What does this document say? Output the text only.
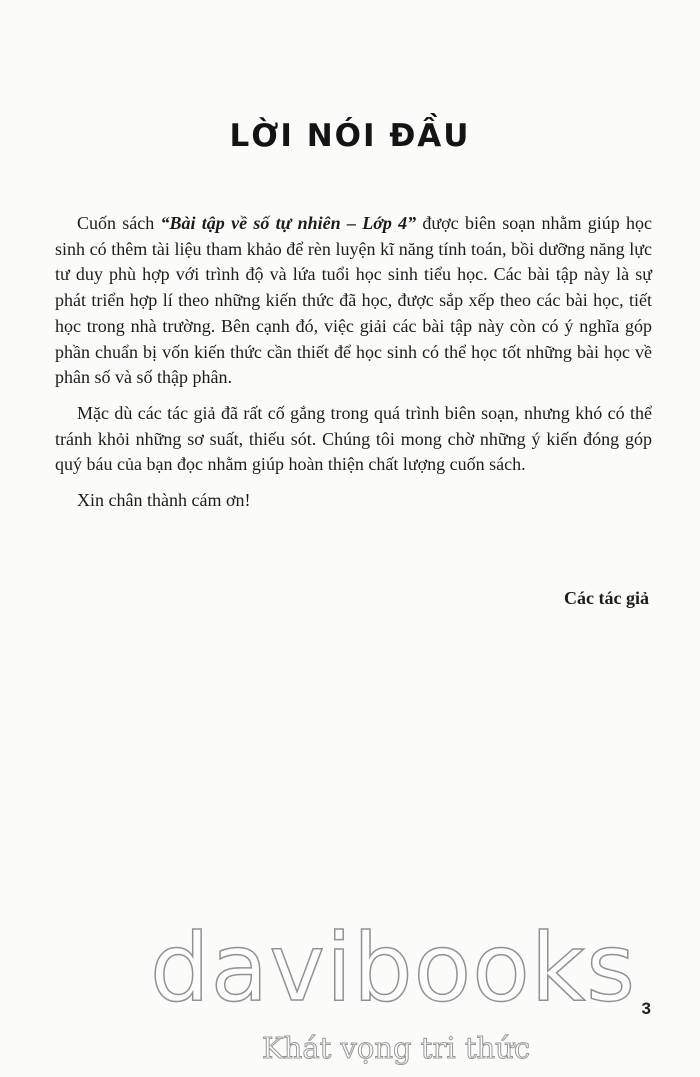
LỜI NÓI ĐẦU

Cuốn sách “Bài tập về số tự nhiên – Lớp 4” được biên soạn nhằm giúp học sinh có thêm tài liệu tham khảo để rèn luyện kĩ năng tính toán, bồi dưỡng năng lực tư duy phù hợp với trình độ và lứa tuổi học sinh tiểu học. Các bài tập này là sự phát triển hợp lí theo những kiến thức đã học, được sắp xếp theo các bài học, tiết học trong nhà trường. Bên cạnh đó, việc giải các bài tập này còn có ý nghĩa góp phần chuẩn bị vốn kiến thức cần thiết để học sinh có thể học tốt những bài học về phân số và số thập phân.

Mặc dù các tác giả đã rất cố gắng trong quá trình biên soạn, nhưng khó có thể tránh khỏi những sơ suất, thiếu sót. Chúng tôi mong chờ những ý kiến đóng góp quý báu của bạn đọc nhằm giúp hoàn thiện chất lượng cuốn sách.

Xin chân thành cám ơn!

Các tác giả
3
davibooks
Khát vọng tri thức
